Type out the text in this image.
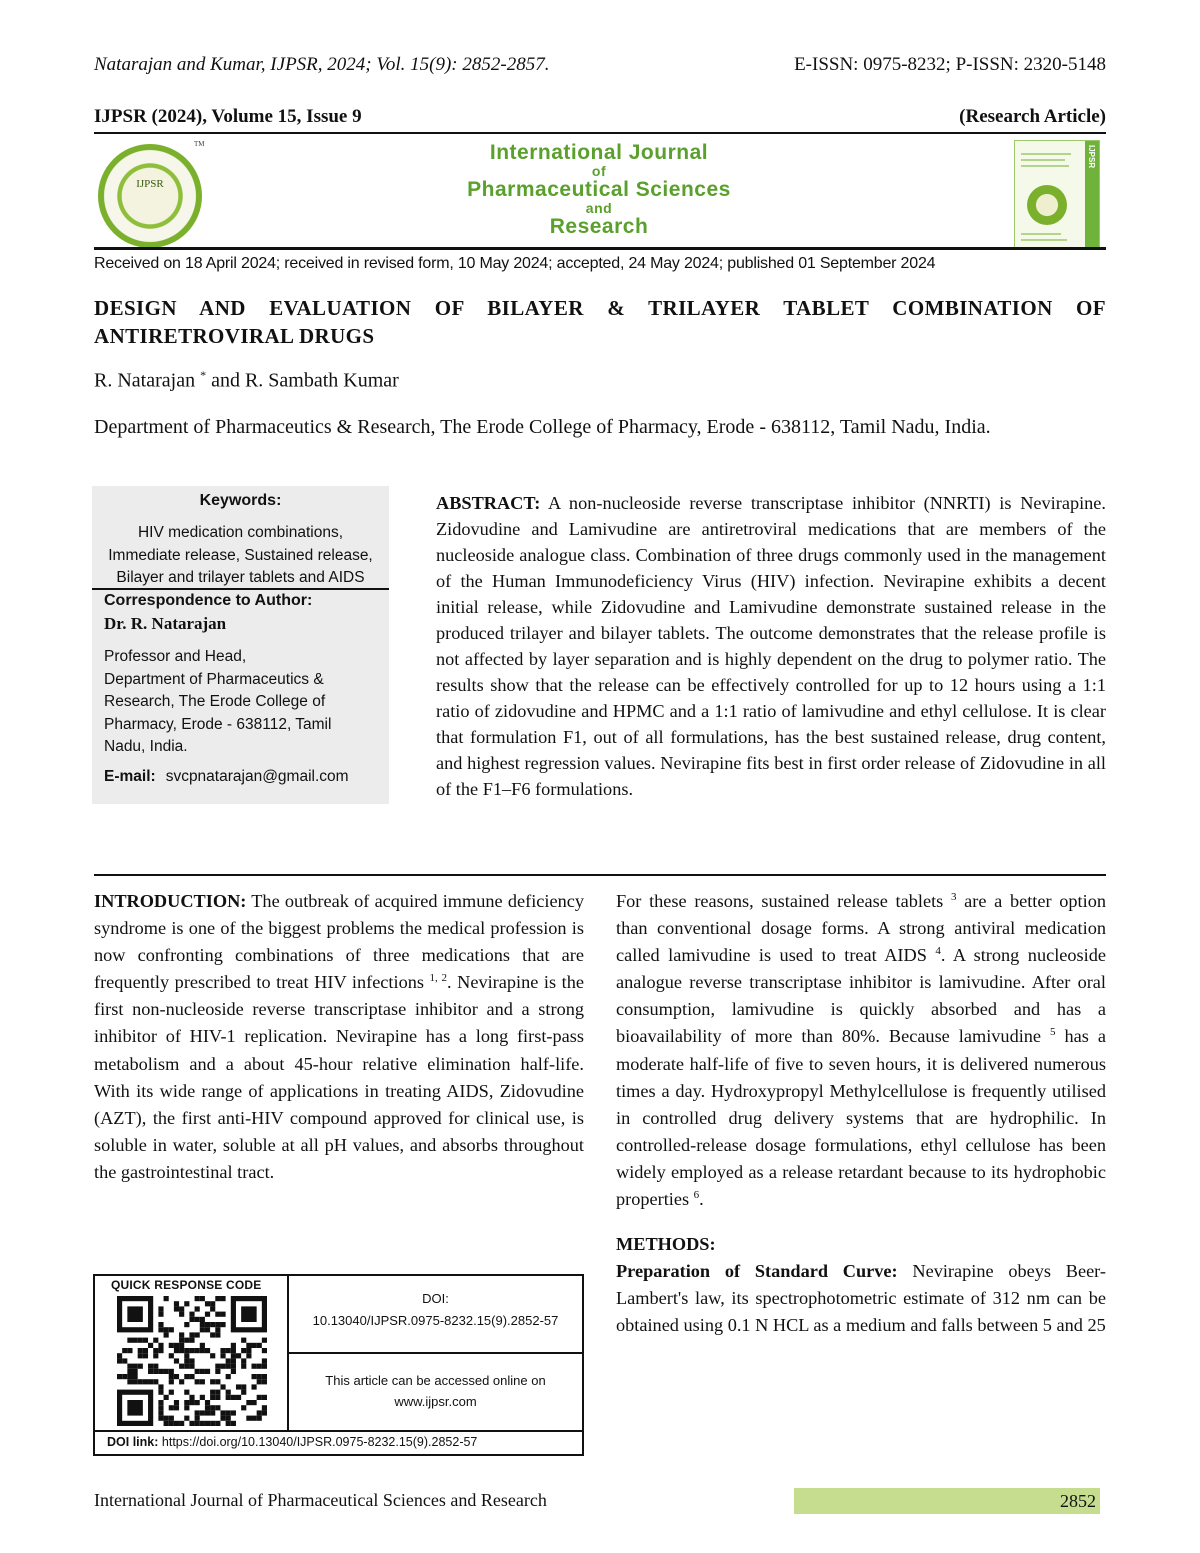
Natarajan and Kumar, IJPSR, 2024; Vol. 15(9): 2852-2857.	E-ISSN: 0975-8232; P-ISSN: 2320-5148
IJPSR (2024), Volume 15, Issue 9	(Research Article)
IJPSR
TM	International Journal
of
Pharmaceutical Sciences
and
Research
IJPSR
Received on 18 April 2024; received in revised form, 10 May 2024; accepted, 24 May 2024; published 01 September 2024
DESIGN AND EVALUATION OF BILAYER & TRILAYER TABLET COMBINATION OF ANTIRETROVIRAL DRUGS
R. Natarajan * and R. Sambath Kumar
Department of Pharmaceutics & Research, The Erode College of Pharmacy, Erode - 638112, Tamil Nadu, India.
Keywords:
HIV medication combinations,
Immediate release, Sustained release,
Bilayer and trilayer tablets and AIDS
Correspondence to Author:
Dr. R. Natarajan
Professor and Head,
Department of Pharmaceutics &
Research, The Erode College of
Pharmacy, Erode - 638112, Tamil
Nadu, India.
E-mail: svcpnatarajan@gmail.com
ABSTRACT: A non-nucleoside reverse transcriptase inhibitor (NNRTI) is Nevirapine. Zidovudine and Lamivudine are antiretroviral medications that are members of the nucleoside analogue class. Combination of three drugs commonly used in the management of the Human Immunodeficiency Virus (HIV) infection. Nevirapine exhibits a decent initial release, while Zidovudine and Lamivudine demonstrate sustained release in the produced trilayer and bilayer tablets. The outcome demonstrates that the release profile is not affected by layer separation and is highly dependent on the drug to polymer ratio. The results show that the release can be effectively controlled for up to 12 hours using a 1:1 ratio of zidovudine and HPMC and a 1:1 ratio of lamivudine and ethyl cellulose. It is clear that formulation F1, out of all formulations, has the best sustained release, drug content, and highest regression values. Nevirapine fits best in first order release of Zidovudine in all of the F1–F6 formulations.
INTRODUCTION: The outbreak of acquired immune deficiency syndrome is one of the biggest problems the medical profession is now confronting combinations of three medications that are frequently prescribed to treat HIV infections $^{1, 2}$. Nevirapine is the first non-nucleoside reverse transcriptase inhibitor and a strong inhibitor of HIV-1 replication. Nevirapine has a long first-pass metabolism and a about 45-hour relative elimination half-life. With its wide range of applications in treating AIDS, Zidovudine (AZT), the first anti-HIV compound approved for clinical use, is soluble in water, soluble at all pH values, and absorbs throughout the gastrointestinal tract.
For these reasons, sustained release tablets $^3$ are a better option than conventional dosage forms. A strong antiviral medication called lamivudine is used to treat AIDS $^4$. A strong nucleoside analogue reverse transcriptase inhibitor is lamivudine. After oral consumption, lamivudine is quickly absorbed and has a bioavailability of more than 80%. Because lamivudine $^5$ has a moderate half-life of five to seven hours, it is delivered numerous times a day. Hydroxypropyl Methylcellulose is frequently utilised in controlled drug delivery systems that are hydrophilic. In controlled-release dosage formulations, ethyl cellulose has been widely employed as a release retardant because to its hydrophobic properties $^6$.
METHODS:
Preparation of Standard Curve: Nevirapine obeys Beer-Lambert's law, its spectrophotometric estimate of 312 nm can be obtained using 0.1 N HCL as a medium and falls between 5 and 25
QUICK RESPONSE CODE
DOI:
10.13040/IJPSR.0975-8232.15(9).2852-57
This article can be accessed online on
www.ijpsr.com
DOI link: https://doi.org/10.13040/IJPSR.0975-8232.15(9).2852-57
International Journal of Pharmaceutical Sciences and Research	2852
